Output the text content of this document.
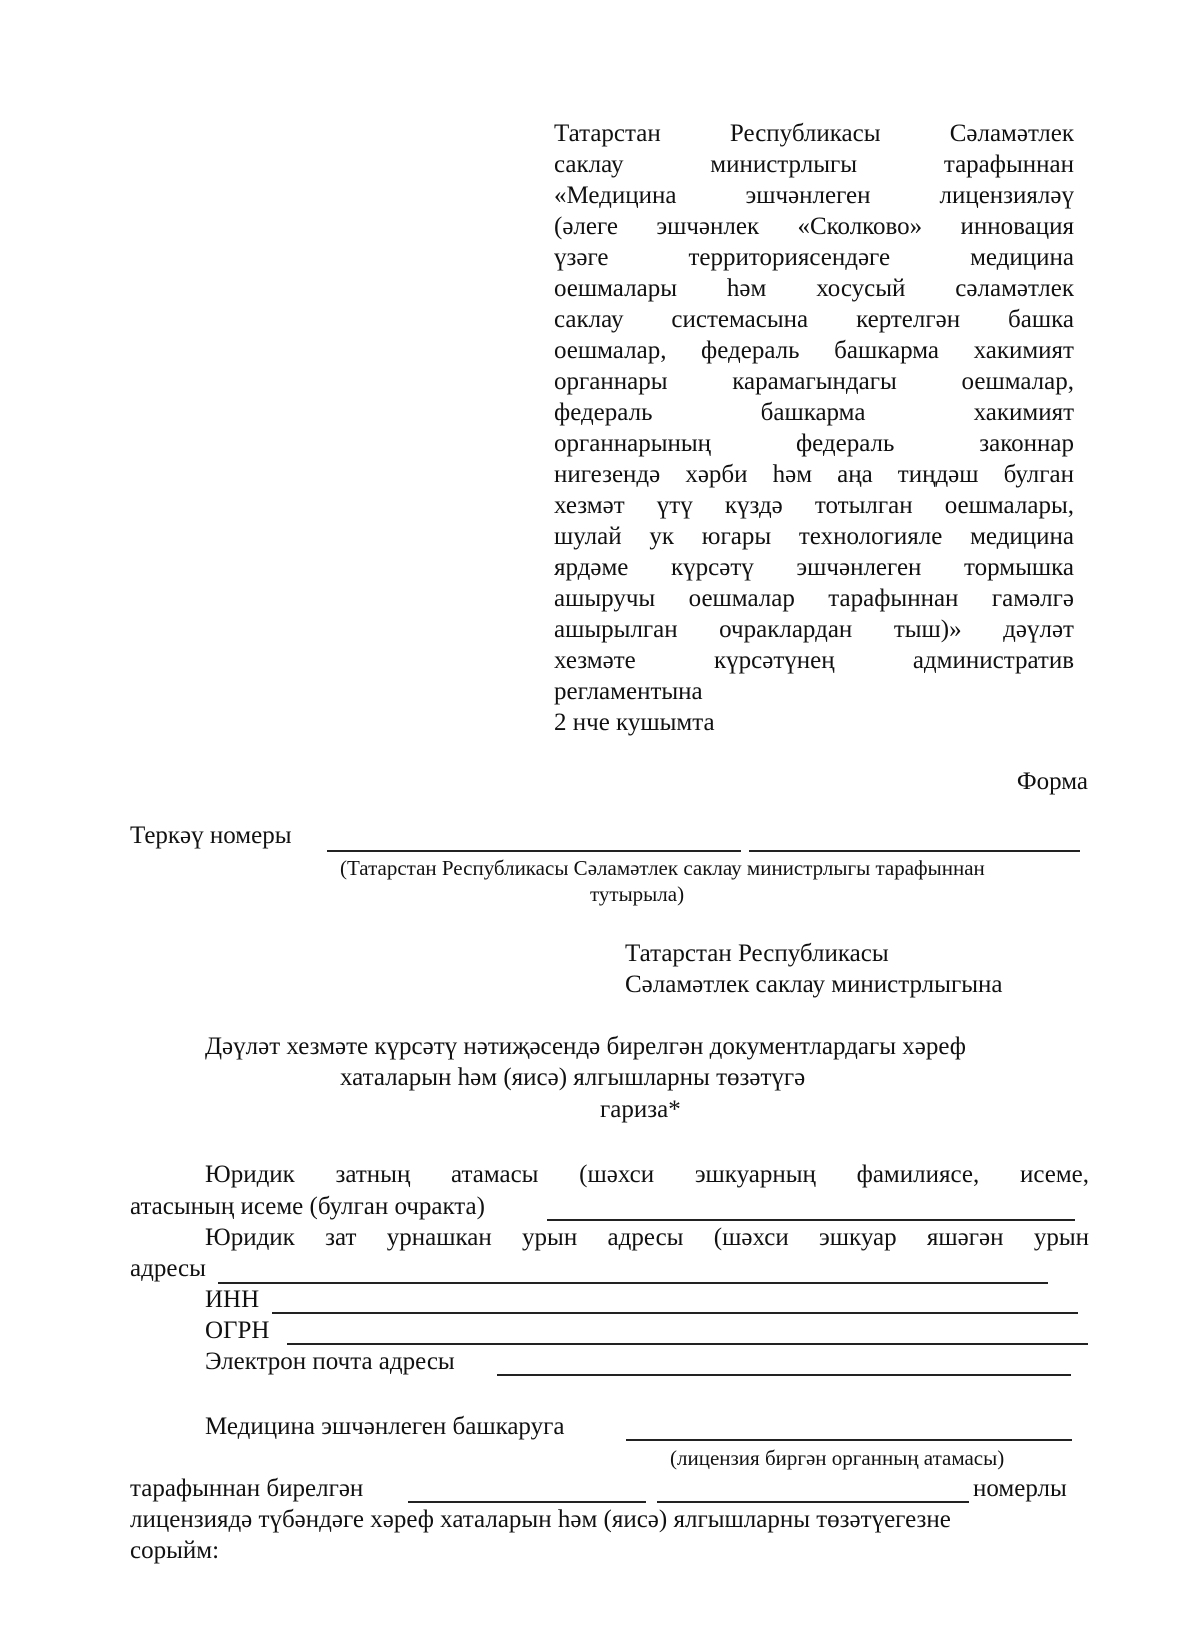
Татарстан Республикасы Сәламәтлек
саклау министрлыгы тарафыннан
«Медицина эшчәнлеген лицензияләү
(әлеге эшчәнлек «Сколково» инновация
үзәге территориясендәге медицина
оешмалары һәм хосусый сәламәтлек
саклау системасына кертелгән башка
оешмалар, федераль башкарма хакимият
органнары карамагындагы оешмалар,
федераль башкарма хакимият
органнарының федераль законнар
нигезендә хәрби һәм аңа тиңдәш булган
хезмәт үтү күздә тотылган оешмалары,
шулай ук югары технологияле медицина
ярдәме күрсәтү эшчәнлеген тормышка
ашыручы оешмалар тарафыннан гамәлгә
ашырылган очраклардан тыш)» дәүләт
хезмәте күрсәтүнең административ
регламентына
2 нче кушымта
Форма
Теркәү номеры
(Татарстан Республикасы Сәламәтлек саклау министрлыгы тарафыннан
тутырыла)
Татарстан Республикасы
Сәламәтлек саклау министрлыгына
Дәүләт хезмәте күрсәтү нәтиҗәсендә бирелгән документлардагы хәреф
хаталарын һәм (яисә) ялгышларны төзәтүгә
гариза*
Юридик затның атамасы (шәхси эшкуарның фамилиясе, исеме,
атасының исеме (булган очракта)
Юридик зат урнашкан урын адресы (шәхси эшкуар яшәгән урын
адресы
ИНН
ОГРН
Электрон почта адресы
Медицина эшчәнлеген башкаруга
(лицензия биргән органның атамасы)
тарафыннан бирелгән	номерлы
лицензиядә түбәндәге хәреф хаталарын һәм (яисә) ялгышларны төзәтүегезне
сорыйм:
